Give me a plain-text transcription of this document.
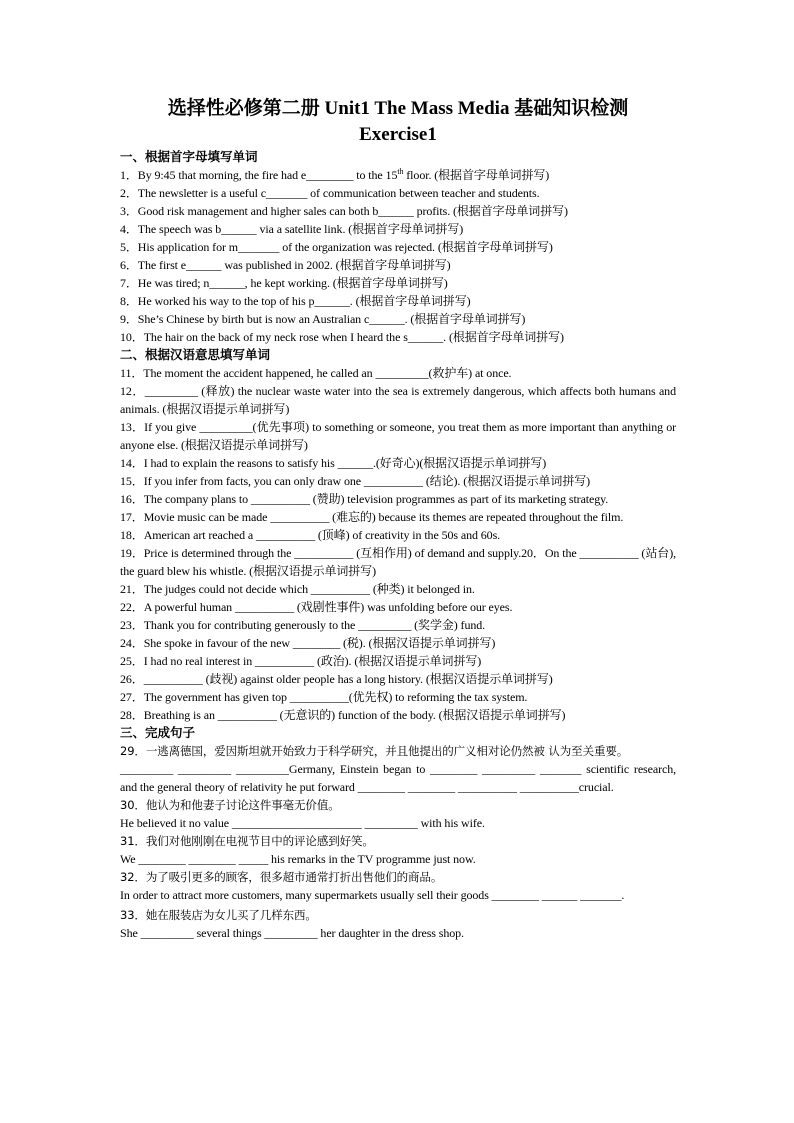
选择性必修第二册 Unit1 The Mass Media 基础知识检测
Exercise1

一、根据首字母填写单词

1．By 9:45 that morning, the fire had e________ to the 15th floor. (根据首字母单词拼写)

2．The newsletter is a useful c_______ of communication between teacher and students.

3．Good risk management and higher sales can both b______ profits. (根据首字母单词拼写)

4．The speech was b______ via a satellite link. (根据首字母单词拼写)

5．His application for m_______ of the organization was rejected. (根据首字母单词拼写)

6．The first e______ was published in 2002. (根据首字母单词拼写)

7．He was tired; n______, he kept working. (根据首字母单词拼写)

8．He worked his way to the top of his p______. (根据首字母单词拼写)

9．She’s Chinese by birth but is now an Australian c______. (根据首字母单词拼写)

10．The hair on the back of my neck rose when I heard the s______. (根据首字母单词拼写)

二、根据汉语意思填写单词

11．The moment the accident happened, he called an _________(救护车) at once.

12．_________ (释放) the nuclear waste water into the sea is extremely dangerous, which affects both humans and animals. (根据汉语提示单词拼写)

13．If you give _________(优先事项) to something or someone, you treat them as more important than anything or anyone else. (根据汉语提示单词拼写)

14．I had to explain the reasons to satisfy his ______.(好奇心)(根据汉语提示单词拼写)

15．If you infer from facts, you can only draw one __________ (结论). (根据汉语提示单词拼写)

16．The company plans to __________ (赞助) television programmes as part of its marketing strategy.

17．Movie music can be made __________ (难忘的) because its themes are repeated throughout the film.

18．American art reached a __________ (顶峰) of creativity in the 50s and 60s.

19．Price is determined through the __________ (互相作用) of demand and supply.20．On the __________ (站台), the guard blew his whistle. (根据汉语提示单词拼写)

21．The judges could not decide which __________ (种类) it belonged in.

22．A powerful human __________ (戏剧性事件) was unfolding before our eyes.

23．Thank you for contributing generously to the _________ (奖学金) fund.

24．She spoke in favour of the new ________ (税). (根据汉语提示单词拼写)

25．I had no real interest in __________ (政治). (根据汉语提示单词拼写)

26．__________ (歧视) against older people has a long history. (根据汉语提示单词拼写)

27．The government has given top __________(优先权) to reforming the tax system.

28．Breathing is an __________ (无意识的) function of the body. (根据汉语提示单词拼写)

三、完成句子

29．一逃离德国，爱因斯坦就开始致力于科学研究，并且他提出的广义相对论仍然被 认为至关重要。

_________ _________ _________Germany, Einstein began to ________ _________ _______ scientific research, and the general theory of relativity he put forward ________ ________ __________ __________crucial.

30．他认为和他妻子讨论这件事毫无价值。

He believed it no value ______________________ _________ with his wife.

31．我们对他刚刚在电视节目中的评论感到好笑。

We ________ ________ _____ his remarks in the TV programme just now.

32．为了吸引更多的顾客，很多超市通常打折出售他们的商品。

In order to attract more customers, many supermarkets usually sell their goods ________ ______ _______.

33．她在服装店为女儿买了几样东西。

She _________ several things _________ her daughter in the dress shop.
